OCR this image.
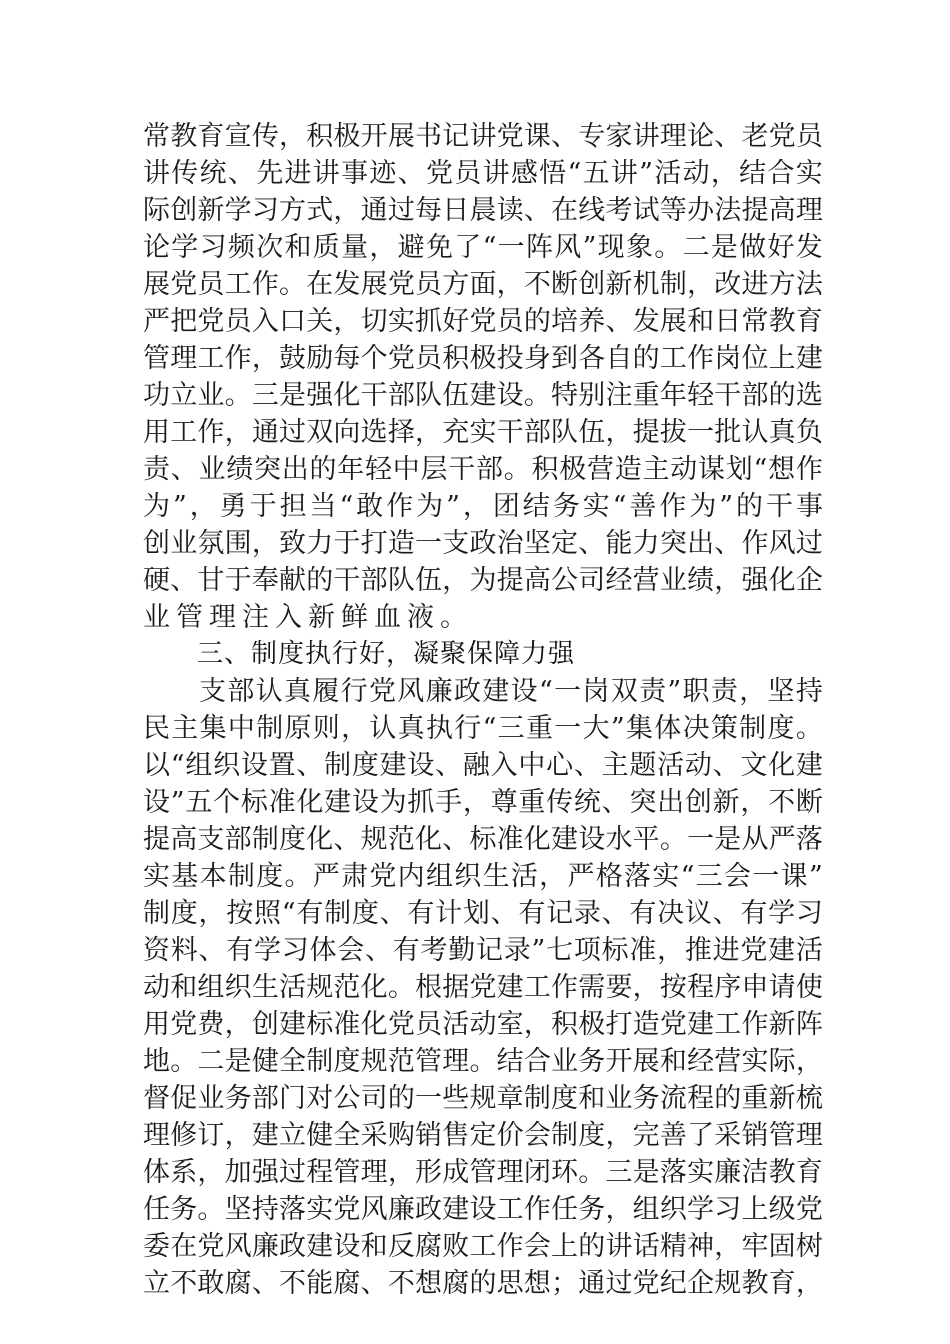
常 教 育 宣 传 ， 积 极 开 展 书 记 讲 党 课 、 专 家 讲 理 论 、 老 党 员
讲 传 统 、 先 进 讲 事 迹 、 党 员 讲 感 悟 “ 五 讲 ” 活 动 ， 结 合 实
际 创 新 学 习 方 式 ， 通 过 每 日 晨 读 、 在 线 考 试 等 办 法 提 高 理
论 学 习 频 次 和 质 量 ， 避 免 了 “ 一 阵 风 ” 现 象 。 二 是 做 好 发
展 党 员 工 作 。 在 发 展 党 员 方 面 ， 不 断 创 新 机 制 ， 改 进 方 法
严 把 党 员 入 口 关 ， 切 实 抓 好 党 员 的 培 养 、 发 展 和 日 常 教 育
管 理 工 作 ， 鼓 励 每 个 党 员 积 极 投 身 到 各 自 的 工 作 岗 位 上 建
功 立 业 。 三 是 强 化 干 部 队 伍 建 设 。 特 别 注 重 年 轻 干 部 的 选
用 工 作 ， 通 过 双 向 选 择 ， 充 实 干 部 队 伍 ， 提 拔 一 批 认 真 负
责 、 业 绩 突 出 的 年 轻 中 层 干 部 。 积 极 营 造 主 动 谋 划 “ 想 作
为 ” ， 勇 于 担 当 “ 敢 作 为 ” ， 团 结 务 实 “ 善 作 为 ” 的 干 事
创 业 氛 围 ， 致 力 于 打 造 一 支 政 治 坚 定 、 能 力 突 出 、 作 风 过
硬 、 甘 于 奉 献 的 干 部 队 伍 ， 为 提 高 公 司 经 营 业 绩 ， 强 化 企
业管理注入新鲜血液。
三、制度执行好，凝聚保障力强
支 部 认 真 履 行 党 风 廉 政 建 设 “ 一 岗 双 责 ” 职 责 ， 坚 持
民 主 集 中 制 原 则 ， 认 真 执 行 “ 三 重 一 大 ” 集 体 决 策 制 度 。
以 “ 组 织 设 置 、 制 度 建 设 、 融 入 中 心 、 主 题 活 动 、 文 化 建
设 ” 五 个 标 准 化 建 设 为 抓 手 ， 尊 重 传 统 、 突 出 创 新 ， 不 断
提 高 支 部 制 度 化 、 规 范 化 、 标 准 化 建 设 水 平 。 一 是 从 严 落
实 基 本 制 度 。 严 肃 党 内 组 织 生 活 ， 严 格 落 实 “ 三 会 一 课 ”
制 度 ， 按 照 “ 有 制 度 、 有 计 划 、 有 记 录 、 有 决 议 、 有 学 习
资 料 、 有 学 习 体 会 、 有 考 勤 记 录 ” 七 项 标 准 ， 推 进 党 建 活
动 和 组 织 生 活 规 范 化 。 根 据 党 建 工 作 需 要 ， 按 程 序 申 请 使
用 党 费 ， 创 建 标 准 化 党 员 活 动 室 ， 积 极 打 造 党 建 工 作 新 阵
地 。 二 是 健 全 制 度 规 范 管 理 。 结 合 业 务 开 展 和 经 营 实 际 ，
督 促 业 务 部 门 对 公 司 的 一 些 规 章 制 度 和 业 务 流 程 的 重 新 梳
理 修 订 ， 建 立 健 全 采 购 销 售 定 价 会 制 度 ， 完 善 了 采 销 管 理
体 系 ， 加 强 过 程 管 理 ， 形 成 管 理 闭 环 。 三 是 落 实 廉 洁 教 育
任 务 。 坚 持 落 实 党 风 廉 政 建 设 工 作 任 务 ， 组 织 学 习 上 级 党
委 在 党 风 廉 政 建 设 和 反 腐 败 工 作 会 上 的 讲 话 精 神 ， 牢 固 树
立 不 敢 腐 、 不 能 腐 、 不 想 腐 的 思 想 ； 通 过 党 纪 企 规 教 育 ，
